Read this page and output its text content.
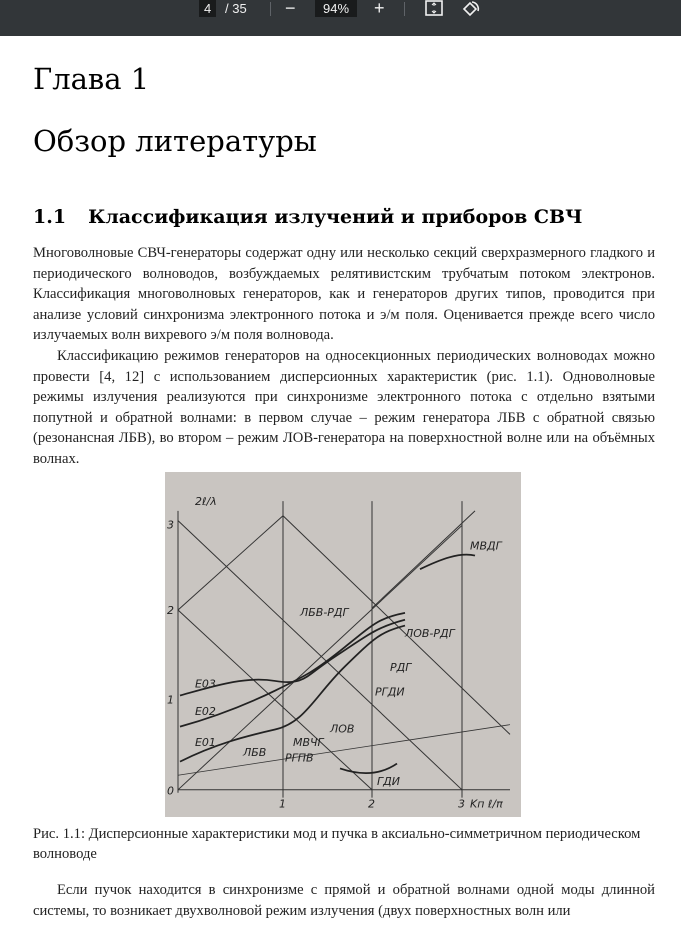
4	/ 35 −	94%	+
Глава 1
Обзор литературы
1.1 Классификация излучений и приборов СВЧ
Многоволновые СВЧ-генераторы содержат одну или несколько секций сверхразмерного гладкого и периодического волноводов, возбуждаемых релятивистским трубчатым потоком электронов. Классификация многоволновых генераторов, как и генераторов других типов, проводится при анализе условий синхронизма электронного потока и э/м поля. Оценивается прежде всего число излучаемых волн вихревого э/м поля волновода.
Классификацию режимов генераторов на односекционных периодических волноводах можно провести [4, 12] с использованием дисперсионных характеристик (рис. 1.1). Одноволновые режимы излучения реализуются при синхронизме электронного потока с отдельно взятыми попутной и обратной волнами: в первом случае – режим генератора ЛБВ с обратной связью (резонансная ЛБВ), во втором – режим ЛОВ-генератора на поверхностной волне или на объёмных волнах.
2ℓ/λ
3
2
1
0
1	2	3 Kп ℓ/π
ЛБВ-РДГ
ЛОВ-РДГ
МВДГ
РДГ
РГДИ
ЛОВ
МВЧГ
ЛБВ РГПВ
ГДИ
E01
E02
E03
Рис. 1.1: Дисперсионные характеристики мод и пучка в аксиально-симметричном периодическом волноводе
Если пучок находится в синхронизме с прямой и обратной волнами одной моды длинной системы, то возникает двухволновой режим излучения (двух поверхностных волн или
